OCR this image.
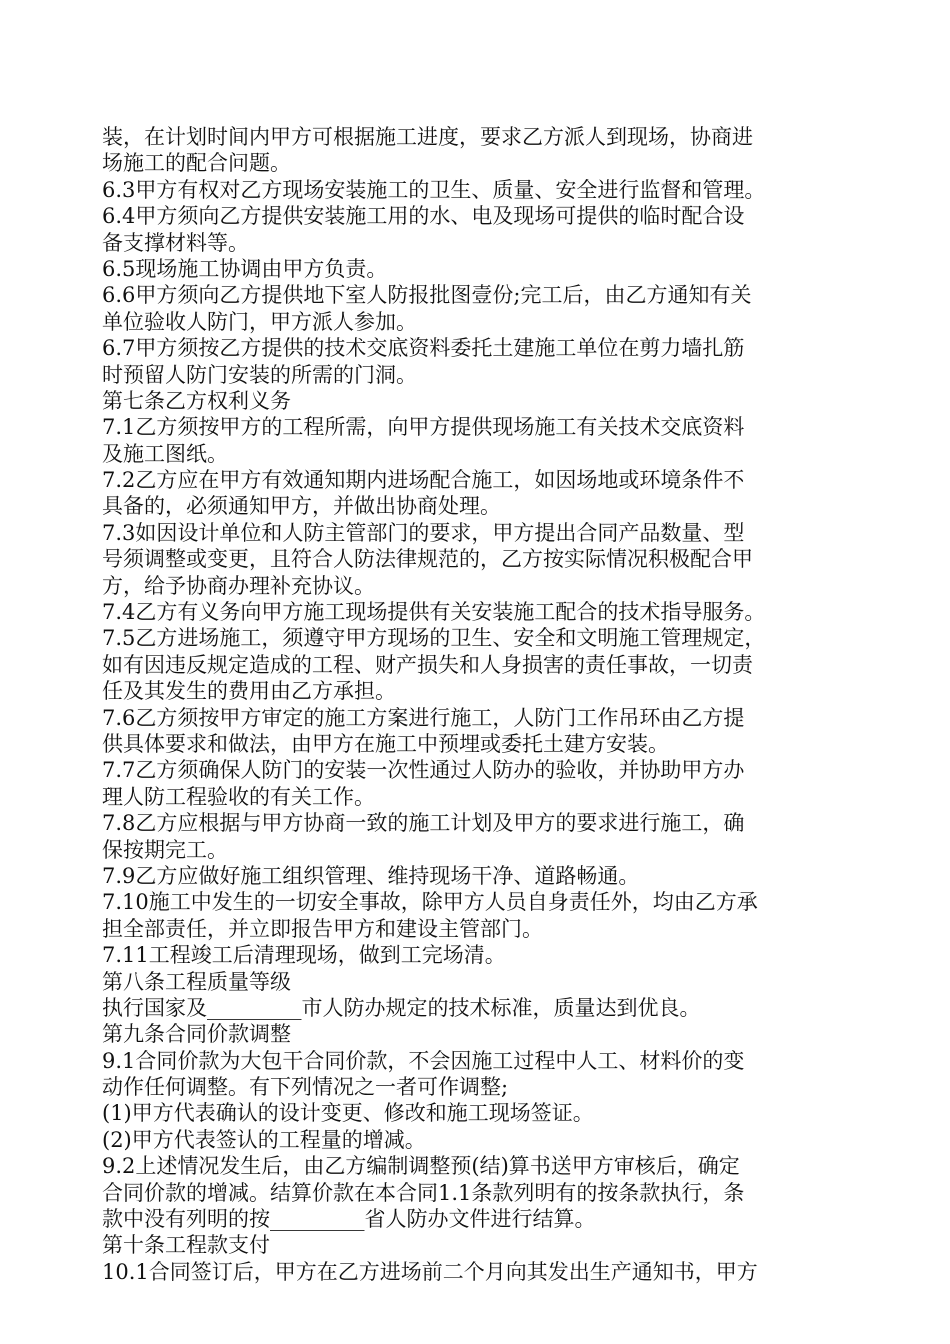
装，在计划时间内甲方可根据施工进度，要求乙方派人到现场，协商进
场施工的配合问题。
6.3甲方有权对乙方现场安装施工的卫生、质量、安全进行监督和管理。
6.4甲方须向乙方提供安装施工用的水、电及现场可提供的临时配合设
备支撑材料等。
6.5现场施工协调由甲方负责。
6.6甲方须向乙方提供地下室人防报批图壹份;完工后，由乙方通知有关
单位验收人防门，甲方派人参加。
6.7甲方须按乙方提供的技术交底资料委托土建施工单位在剪力墙扎筋
时预留人防门安装的所需的门洞。
第七条乙方权利义务
7.1乙方须按甲方的工程所需，向甲方提供现场施工有关技术交底资料
及施工图纸。
7.2乙方应在甲方有效通知期内进场配合施工，如因场地或环境条件不
具备的，必须通知甲方，并做出协商处理。
7.3如因设计单位和人防主管部门的要求，甲方提出合同产品数量、型
号须调整或变更，且符合人防法律规范的，乙方按实际情况积极配合甲
方，给予协商办理补充协议。
7.4乙方有义务向甲方施工现场提供有关安装施工配合的技术指导服务。
7.5乙方进场施工，须遵守甲方现场的卫生、安全和文明施工管理规定，
如有因违反规定造成的工程、财产损失和人身损害的责任事故，一切责
任及其发生的费用由乙方承担。
7.6乙方须按甲方审定的施工方案进行施工，人防门工作吊环由乙方提
供具体要求和做法，由甲方在施工中预埋或委托土建方安装。
7.7乙方须确保人防门的安装一次性通过人防办的验收，并协助甲方办
理人防工程验收的有关工作。
7.8乙方应根据与甲方协商一致的施工计划及甲方的要求进行施工，确
保按期完工。
7.9乙方应做好施工组织管理、维持现场干净、道路畅通。
7.10施工中发生的一切安全事故，除甲方人员自身责任外，均由乙方承
担全部责任，并立即报告甲方和建设主管部门。
7.11工程竣工后清理现场，做到工完场清。
第八条工程质量等级
执行国家及_________市人防办规定的技术标准，质量达到优良。
第九条合同价款调整
9.1合同价款为大包干合同价款，不会因施工过程中人工、材料价的变
动作任何调整。有下列情况之一者可作调整;
(1)甲方代表确认的设计变更、修改和施工现场签证。
(2)甲方代表签认的工程量的增减。
9.2上述情况发生后，由乙方编制调整预(结)算书送甲方审核后，确定
合同价款的增减。结算价款在本合同1.1条款列明有的按条款执行，条
款中没有列明的按_________省人防办文件进行结算。
第十条工程款支付
10.1合同签订后，甲方在乙方进场前二个月向其发出生产通知书，甲方
